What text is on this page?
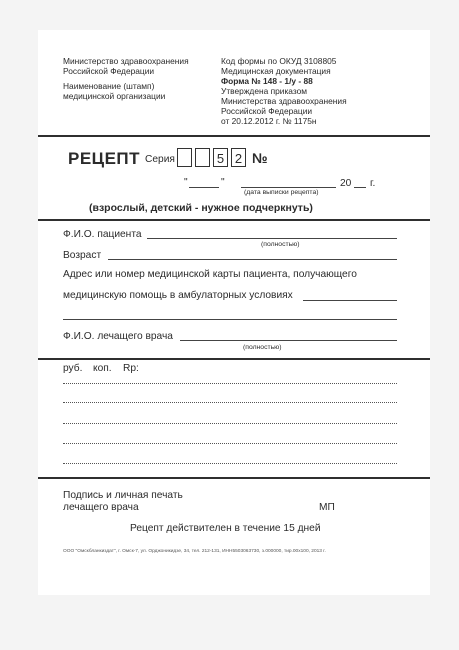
Министерство здравоохранения
Российской Федерации
Наименование (штамп)
медицинской организации
Код формы по ОКУД 3108805
Медицинская документация
Форма № 148 - 1/у - 88
Утверждена приказом
Министерства здравоохранения
Российской Федерации
от 20.12.2012 г. № 1175н
РЕЦЕПТ Серия	5 2 №
"	"	20 г.
(дата выписки рецепта)
(взрослый, детский - нужное подчеркнуть)
Ф.И.О. пациента
(полностью)
Возраст
Адрес или номер медицинской карты пациента, получающего
медицинскую помощь в амбулаторных условиях
Ф.И.О. лечащего врача
(полностью)
руб. коп. Rp:
Подпись и личная печать
лечащего врача	МП
Рецепт действителен в течение 15 дней
ООО "Омскбланкиздат", г. Омск-7, ул. Орджоникидзе, 34, тел. 212-131, ИНН5503063730, з.000000, тир.00х100, 2013 г.
